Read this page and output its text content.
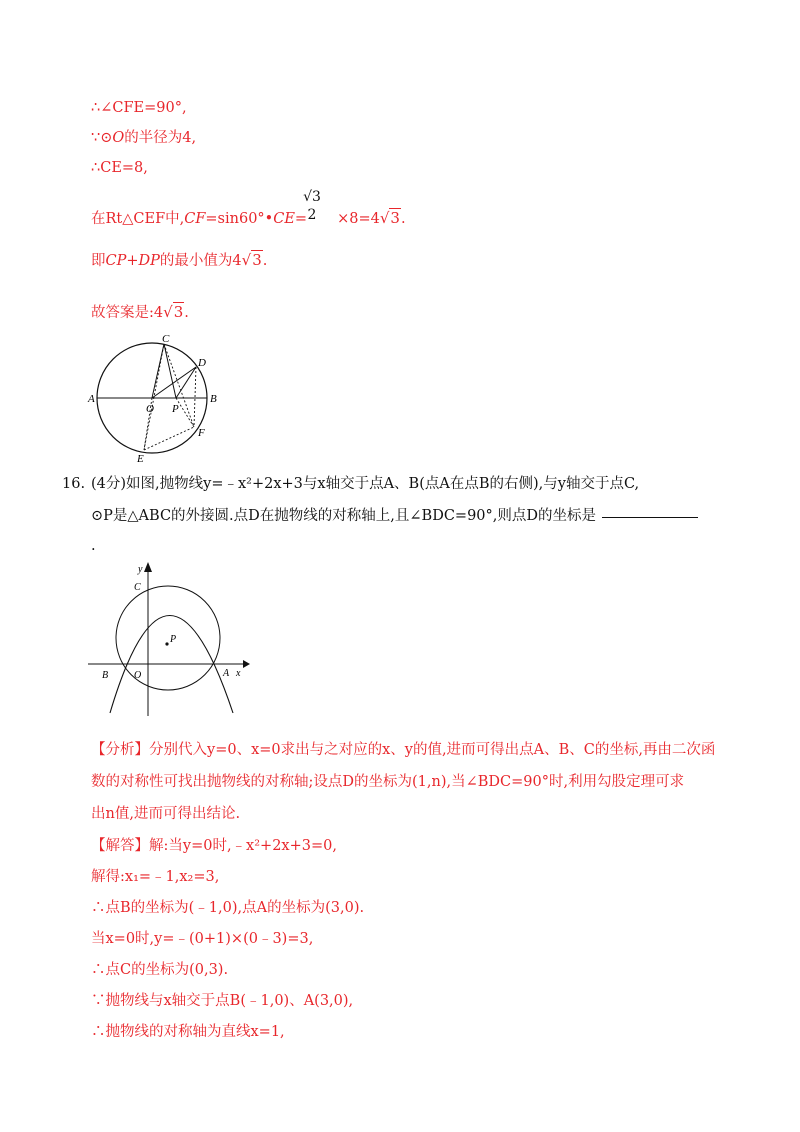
∴∠CFE=90°,
∵⊙O的半径为4,
∴CE=8,
在Rt△CEF中,CF=sin60°•CE= ×8=4√3.
√3
2
即CP+DP的最小值为4√3.
故答案是:4√3.
C
D
A	B
O P
F
E
16. (4分)如图,抛物线y=﹣x²+2x+3与x轴交于点A、B(点A在点B的右侧),与y轴交于点C,
⊙P是△ABC的外接圆.点D在抛物线的对称轴上,且∠BDC=90°,则点D的坐标是
.
y
x
C
P
B	O	A
【分析】分别代入y=0、x=0求出与之对应的x、y的值,进而可得出点A、B、C的坐标,再由二次函
数的对称性可找出抛物线的对称轴;设点D的坐标为(1,n),当∠BDC=90°时,利用勾股定理可求
出n值,进而可得出结论.
【解答】解:当y=0时,﹣x²+2x+3=0,
解得:x₁=﹣1,x₂=3,
∴点B的坐标为(﹣1,0),点A的坐标为(3,0).
当x=0时,y=﹣(0+1)×(0﹣3)=3,
∴点C的坐标为(0,3).
∵抛物线与x轴交于点B(﹣1,0)、A(3,0),
∴抛物线的对称轴为直线x=1,
